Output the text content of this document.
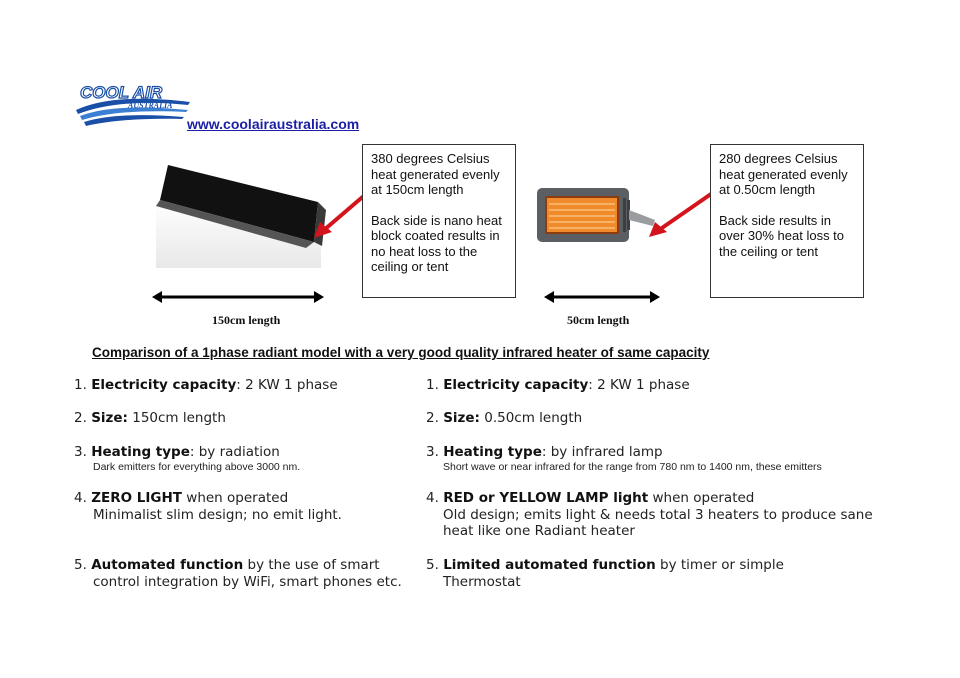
COOL AIR
AUSTRALIA
www.coolairaustralia.com

380 degrees Celsius heat generated evenly at 150cm length

Back side is nano heat block coated results in no heat loss to the ceiling or tent

280 degrees Celsius heat generated evenly at 0.50cm length

Back side results in over 30% heat loss to the ceiling or tent

150cm length	50cm length
Comparison of a 1phase radiant model with a very good quality infrared heater of same capacity
1. Electricity capacity: 2 KW 1 phase
2. Size: 150cm length
3. Heating type: by radiation
Dark emitters for everything above 3000 nm.
4. ZERO LIGHT when operated
Minimalist slim design; no emit light.
5. Automated function by the use of smart
control integration by WiFi, smart phones etc.
1. Electricity capacity: 2 KW 1 phase
2. Size: 0.50cm length
3. Heating type: by infrared lamp
Short wave or near infrared for the range from 780 nm to 1400 nm, these emitters
4. RED or YELLOW LAMP light when operated
Old design; emits light & needs total 3 heaters to produce sane
heat like one Radiant heater
5. Limited automated function by timer or simple
Thermostat
